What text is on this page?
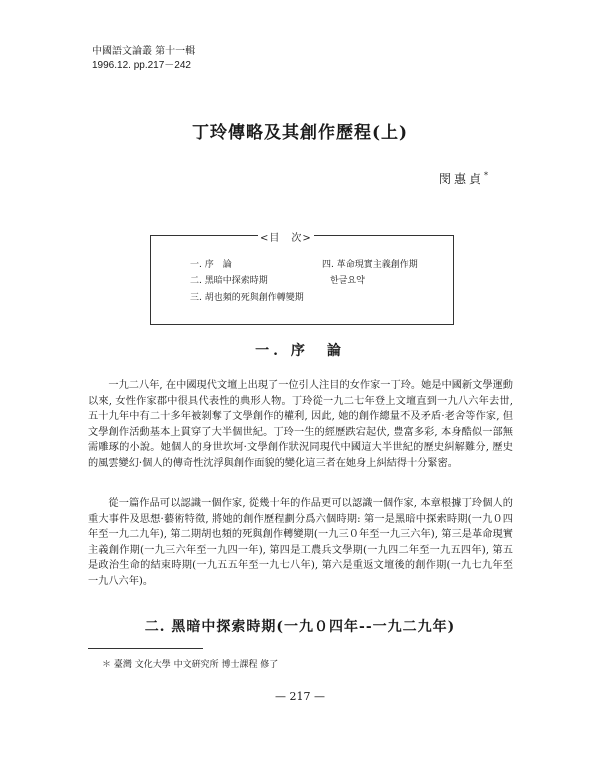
中國語文論叢 第十一輯
1996.12. pp.217－242
丁玲傳略及其創作歷程(上)
閔惠貞*
<目　次>
一. 序　論
二. 黑暗中探索時期
三. 胡也頻的死與創作轉變期
四. 革命現實主義創作期
한글요약
一. 序　論
一九二八年, 在中國現代文壇上出現了一位引人注目的女作家一丁玲。她是中國新文學運動以來, 女性作家郡中很具代表性的典形人物。丁玲從一九二七年登上文壇直到一九八六年去丗, 五十九年中有二十多年被剝奪了文學創作的權利, 因此, 她的創作總量不及矛盾·老舍等作家, 但文學創作活動基本上貫穿了大半個世紀。丁玲一生的經歷跌宕起伏, 豊富多彩, 本身酷似一部無需雕琢的小說。她個人的身世坎坷·文學創作狀況同現代中國這大半世紀的歷史糾解難分, 歷史的風雲變幻·個人的傳奇性沈浮與創作面貌的變化這三者在她身上糾結得十分緊密。
從一篇作品可以認識一個作家, 從幾十年的作品更可以認識一個作家, 本章根據丁玲個人的重大事件及思想·藝術特徵, 將她的創作歷程劃分爲六個時期: 第一是黑暗中探索時期(一九０四年至一九二九年), 第二期胡也頻的死與創作轉變期(一九三０年至一九三六年), 第三是革命現實主義創作期(一九三六年至一九四一年), 第四是工農兵文學期(一九四二年至一九五四年), 第五是政治生命的結束時期(一九五五年至一九七八年), 第六是重返文壇後的創作期(一九七九年至一九八六年)。
二. 黑暗中探索時期(一九０四年--一九二九年)
＊ 臺灣 文化大學 中文硏究所 博士課程 修了
— 217 —
